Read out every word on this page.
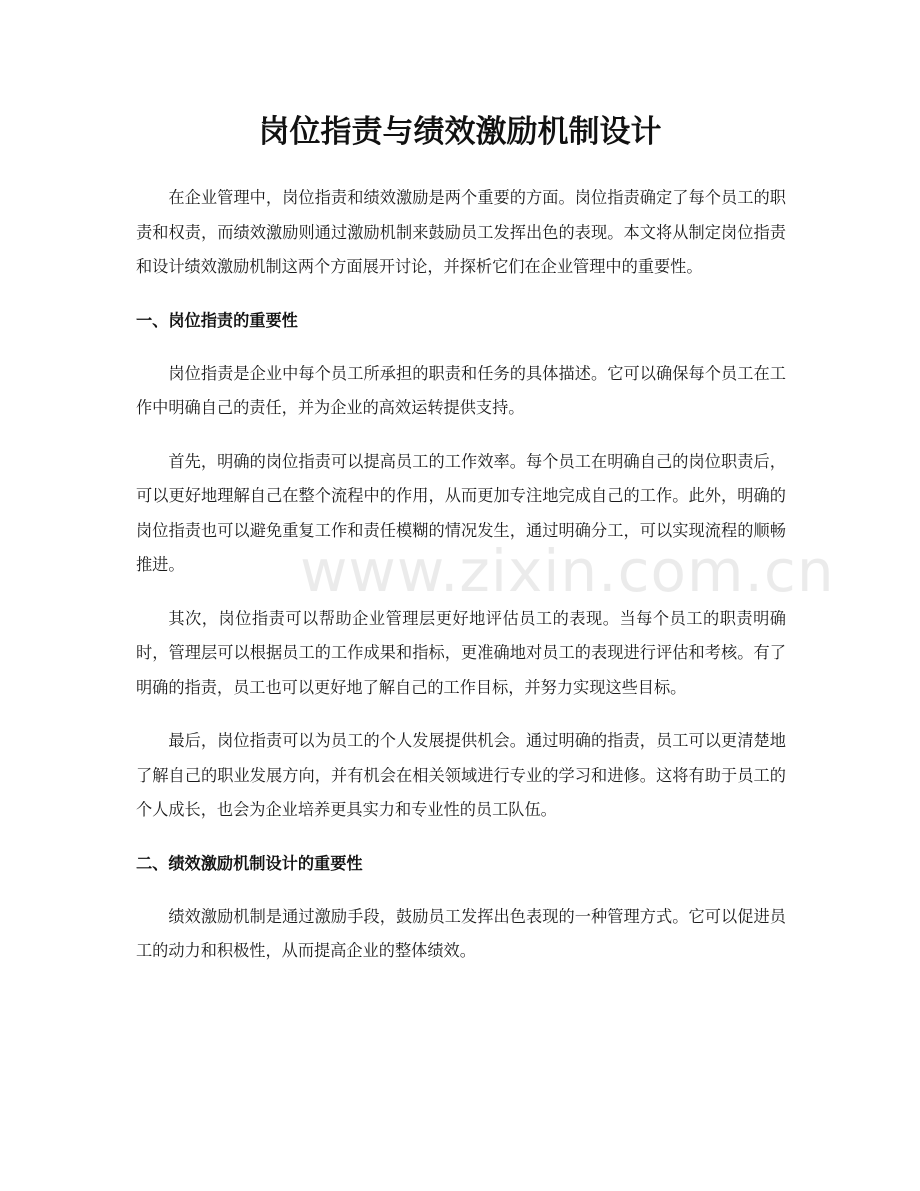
岗位指责与绩效激励机制设计

在企业管理中，岗位指责和绩效激励是两个重要的方面。岗位指责确定了每个员工的职责和权责，而绩效激励则通过激励机制来鼓励员工发挥出色的表现。本文将从制定岗位指责和设计绩效激励机制这两个方面展开讨论，并探析它们在企业管理中的重要性。

一、岗位指责的重要性

岗位指责是企业中每个员工所承担的职责和任务的具体描述。它可以确保每个员工在工作中明确自己的责任，并为企业的高效运转提供支持。

首先，明确的岗位指责可以提高员工的工作效率。每个员工在明确自己的岗位职责后，可以更好地理解自己在整个流程中的作用，从而更加专注地完成自己的工作。此外，明确的岗位指责也可以避免重复工作和责任模糊的情况发生，通过明确分工，可以实现流程的顺畅推进。

其次，岗位指责可以帮助企业管理层更好地评估员工的表现。当每个员工的职责明确时，管理层可以根据员工的工作成果和指标，更准确地对员工的表现进行评估和考核。有了明确的指责，员工也可以更好地了解自己的工作目标，并努力实现这些目标。

最后，岗位指责可以为员工的个人发展提供机会。通过明确的指责，员工可以更清楚地了解自己的职业发展方向，并有机会在相关领域进行专业的学习和进修。这将有助于员工的个人成长，也会为企业培养更具实力和专业性的员工队伍。

二、绩效激励机制设计的重要性

绩效激励机制是通过激励手段，鼓励员工发挥出色表现的一种管理方式。它可以促进员工的动力和积极性，从而提高企业的整体绩效。

www.zixin.com.cn
